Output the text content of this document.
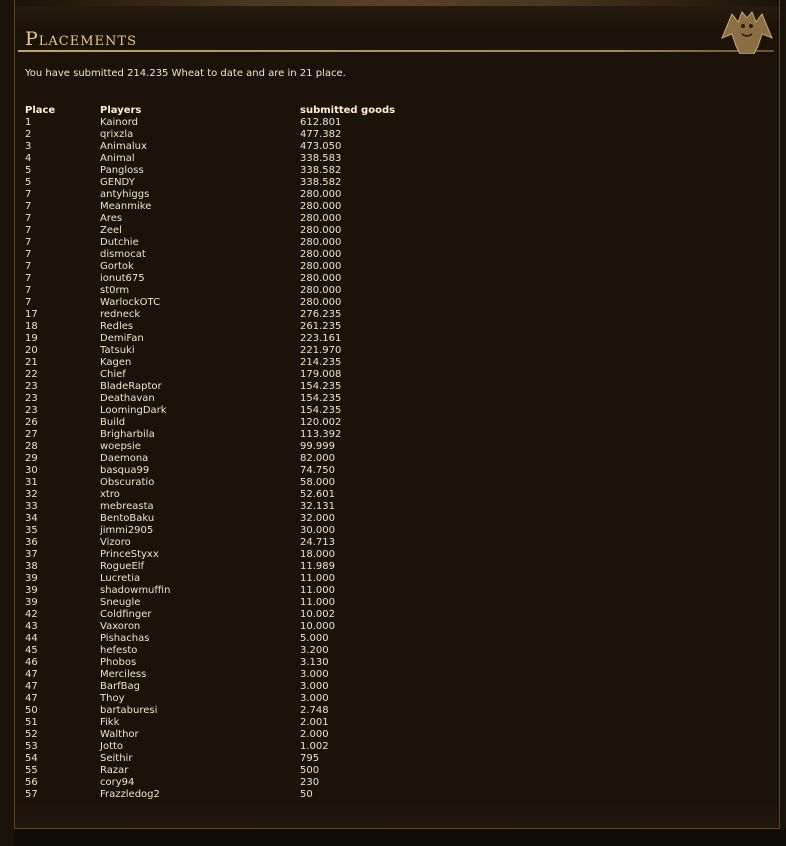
Placements

You have submitted 214.235 Wheat to date and are in 21 place.

Place	Players	submitted goods
1	Kainord	612.801
2	qrixzla	477.382
3	Animalux	473.050
4	Animal	338.583
5	Pangloss	338.582
5	GENDY	338.582
7	antyhiggs	280.000
7	Meanmike	280.000
7	Ares	280.000
7	Zeel	280.000
7	Dutchie	280.000
7	dismocat	280.000
7	Gortok	280.000
7	ionut675	280.000
7	st0rm	280.000
7	WarlockOTC	280.000
17	redneck	276.235
18	Redles	261.235
19	DemiFan	223.161
20	Tatsuki	221.970
21	Kagen	214.235
22	Chief	179.008
23	BladeRaptor	154.235
23	Deathavan	154.235
23	LoomingDark	154.235
26	Build	120.002
27	Brigharbila	113.392
28	woepsie	99.999
29	Daemona	82.000
30	basqua99	74.750
31	Obscuratio	58.000
32	xtro	52.601
33	mebreasta	32.131
34	BentoBaku	32.000
35	jimmi2905	30.000
36	Vizoro	24.713
37	PrinceStyxx	18.000
38	RogueElf	11.989
39	Lucretia	11.000
39	shadowmuffin	11.000
39	Sneugle	11.000
42	Coldfinger	10.002
43	Vaxoron	10.000
44	Pishachas	5.000
45	hefesto	3.200
46	Phobos	3.130
47	Merciless	3.000
47	BarfBag	3.000
47	Thoy	3.000
50	bartaburesi	2.748
51	Fikk	2.001
52	Walthor	2.000
53	Jotto	1.002
54	Seithir	795
55	Razar	500
56	cory94	230
57	Frazzledog2	50
